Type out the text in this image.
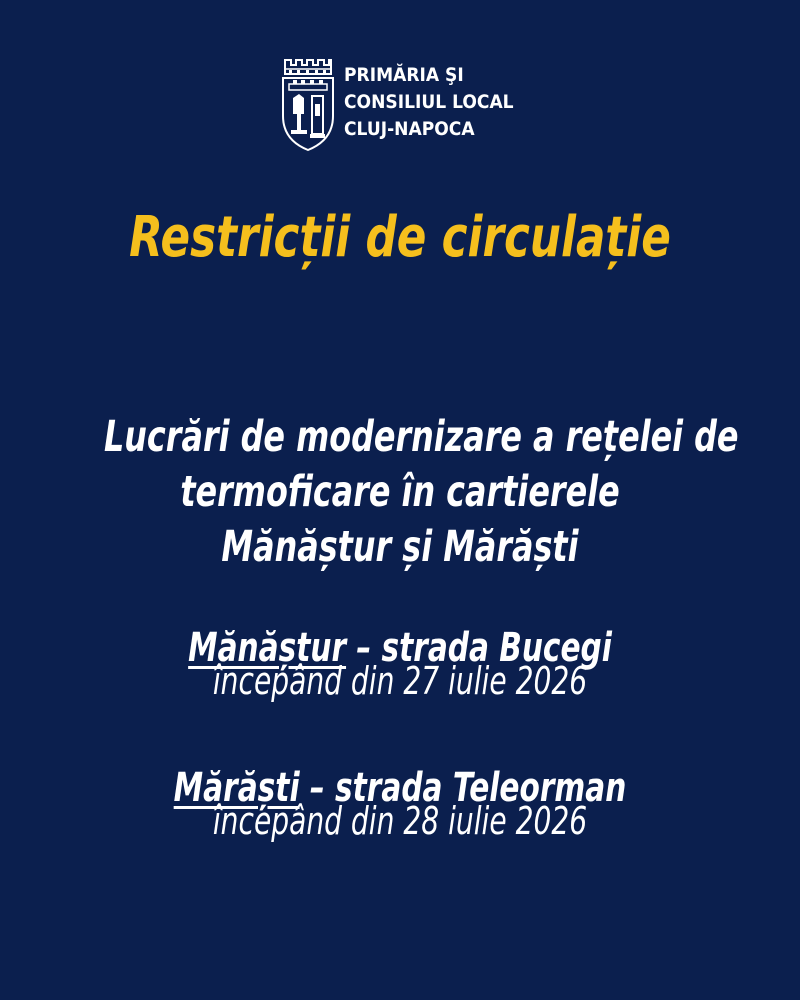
PRIMĂRIA ŞI
CONSILIUL LOCAL
CLUJ-NAPOCA
Restricții de circulație
Lucrări de modernizare a rețelei de
termoficare în cartierele
Mănăștur și Mărăști
Mănăștur – strada Bucegi
începând din 27 iulie 2026
Mărăști – strada Teleorman
începând din 28 iulie 2026
